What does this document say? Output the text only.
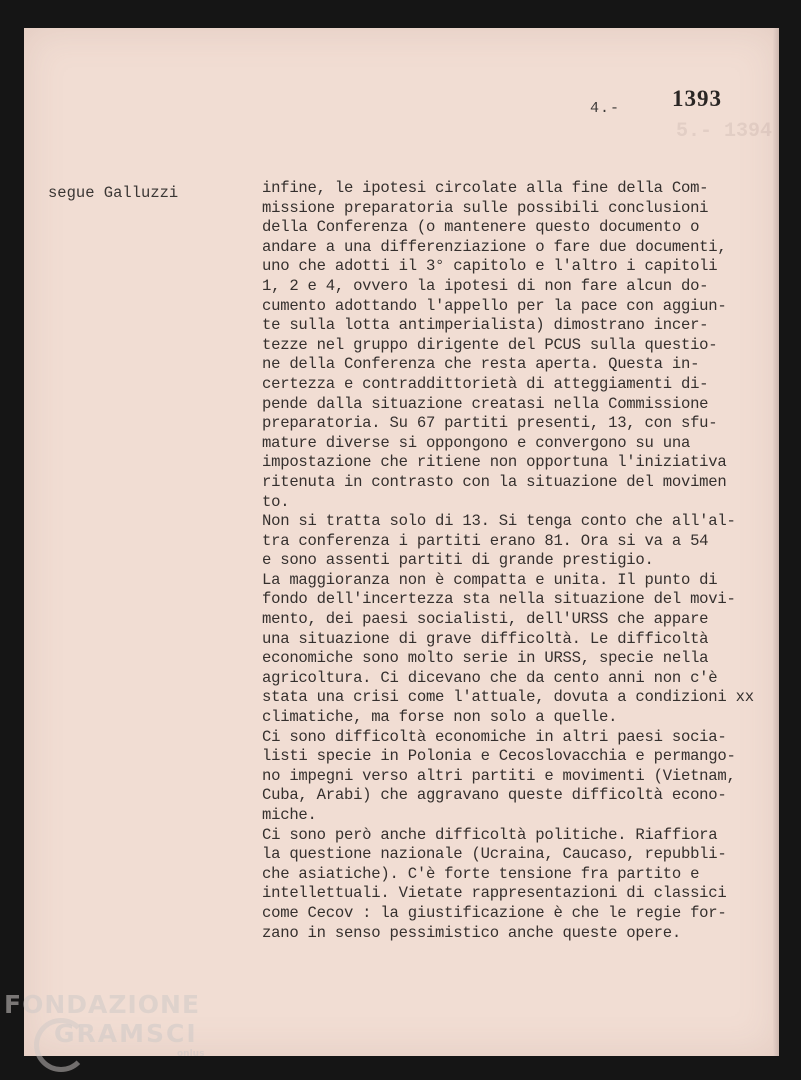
5.- 1394
4.- 1393
segue Galluzzi	infine, le ipotesi circolate alla fine della Com-
missione preparatoria sulle possibili conclusioni
della Conferenza (o mantenere questo documento o
andare a una differenziazione o fare due documenti,
uno che adotti il 3° capitolo e l'altro i capitoli
1, 2 e 4, ovvero la ipotesi di non fare alcun do-
cumento adottando l'appello per la pace con aggiun-
te sulla lotta antimperialista) dimostrano incer-
tezze nel gruppo dirigente del PCUS sulla questio-
ne della Conferenza che resta aperta. Questa in-
certezza e contraddittorietà di atteggiamenti di-
pende dalla situazione creatasi nella Commissione
preparatoria. Su 67 partiti presenti, 13, con sfu-
mature diverse si oppongono e convergono su una
impostazione che ritiene non opportuna l'iniziativa
ritenuta in contrasto con la situazione del movimen
to.
Non si tratta solo di 13. Si tenga conto che all'al-
tra conferenza i partiti erano 81. Ora si va a 54
e sono assenti partiti di grande prestigio.
La maggioranza non è compatta e unita. Il punto di
fondo dell'incertezza sta nella situazione del movi-
mento, dei paesi socialisti, dell'URSS che appare
una situazione di grave difficoltà. Le difficoltà
economiche sono molto serie in URSS, specie nella
agricoltura. Ci dicevano che da cento anni non c'è
stata una crisi come l'attuale, dovuta a condizioni xx
climatiche, ma forse non solo a quelle.
Ci sono difficoltà economiche in altri paesi socia-
listi specie in Polonia e Cecoslovacchia e permango-
no impegni verso altri partiti e movimenti (Vietnam,
Cuba, Arabi) che aggravano queste difficoltà econo-
miche.
Ci sono però anche difficoltà politiche. Riaffiora
la questione nazionale (Ucraina, Caucaso, repubbli-
che asiatiche). C'è forte tensione fra partito e
intellettuali. Vietate rappresentazioni di classici
come Cecov : la giustificazione è che le regie for-
zano in senso pessimistico anche queste opere.
FONDAZIONE
GRAMSCI
onlus
